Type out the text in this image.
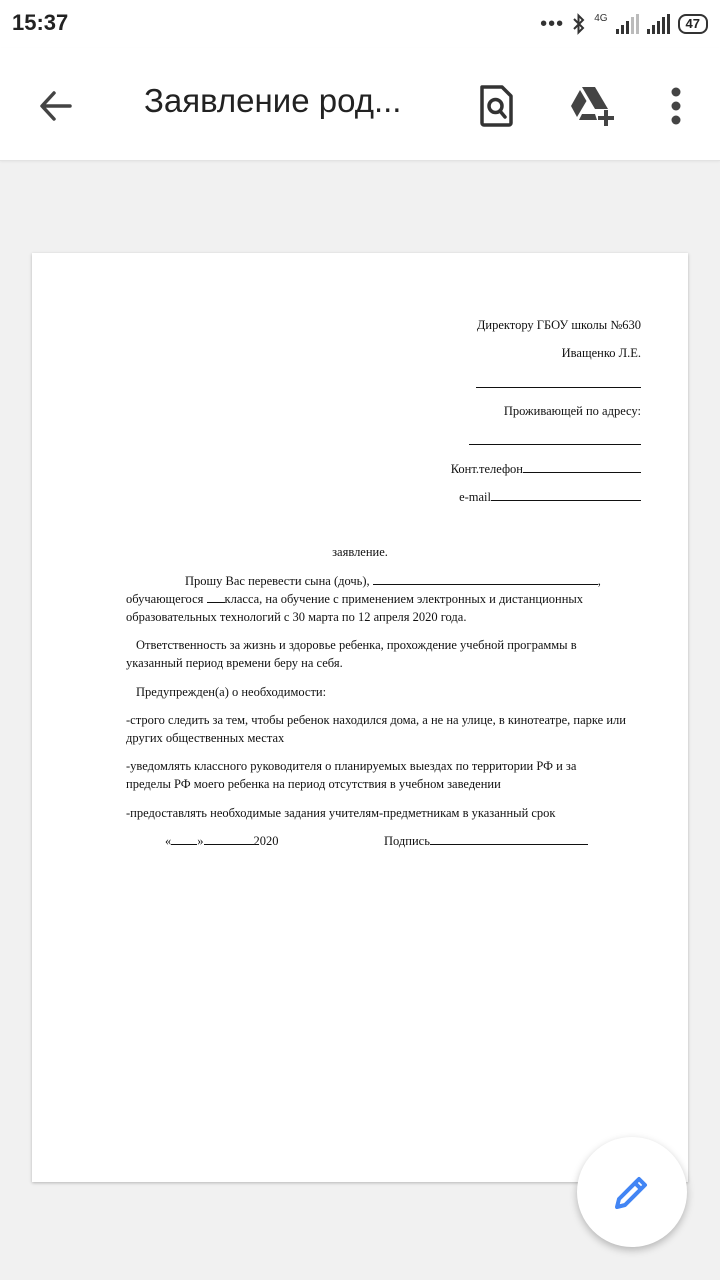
15:37	•••	4G	47
Заявление род...
Директору ГБОУ школы №630
Иващенко Л.Е.
Проживающей по адресу:
Конт.телефон
e-mail
заявление.
Прошу Вас перевести сына (дочь),	,
обучающегося класса, на обучение с применением электронных и дистанционных
образовательных технологий с 30 марта по 12 апреля 2020 года.
Ответственность за жизнь и здоровье ребенка, прохождение учебной программы в указанный период времени беру на себя.
Предупрежден(а) о необходимости:
-строго следить за тем, чтобы ребенок находился дома, а не на улице, в кинотеатре, парке или других общественных местах
-уведомлять классного руководителя о планируемых выездах по территории РФ и за пределы РФ моего ребенка на период отсутствия в учебном заведении
-предоставлять необходимые задания учителям-предметникам в указанный срок
« »	2020	Подпись
